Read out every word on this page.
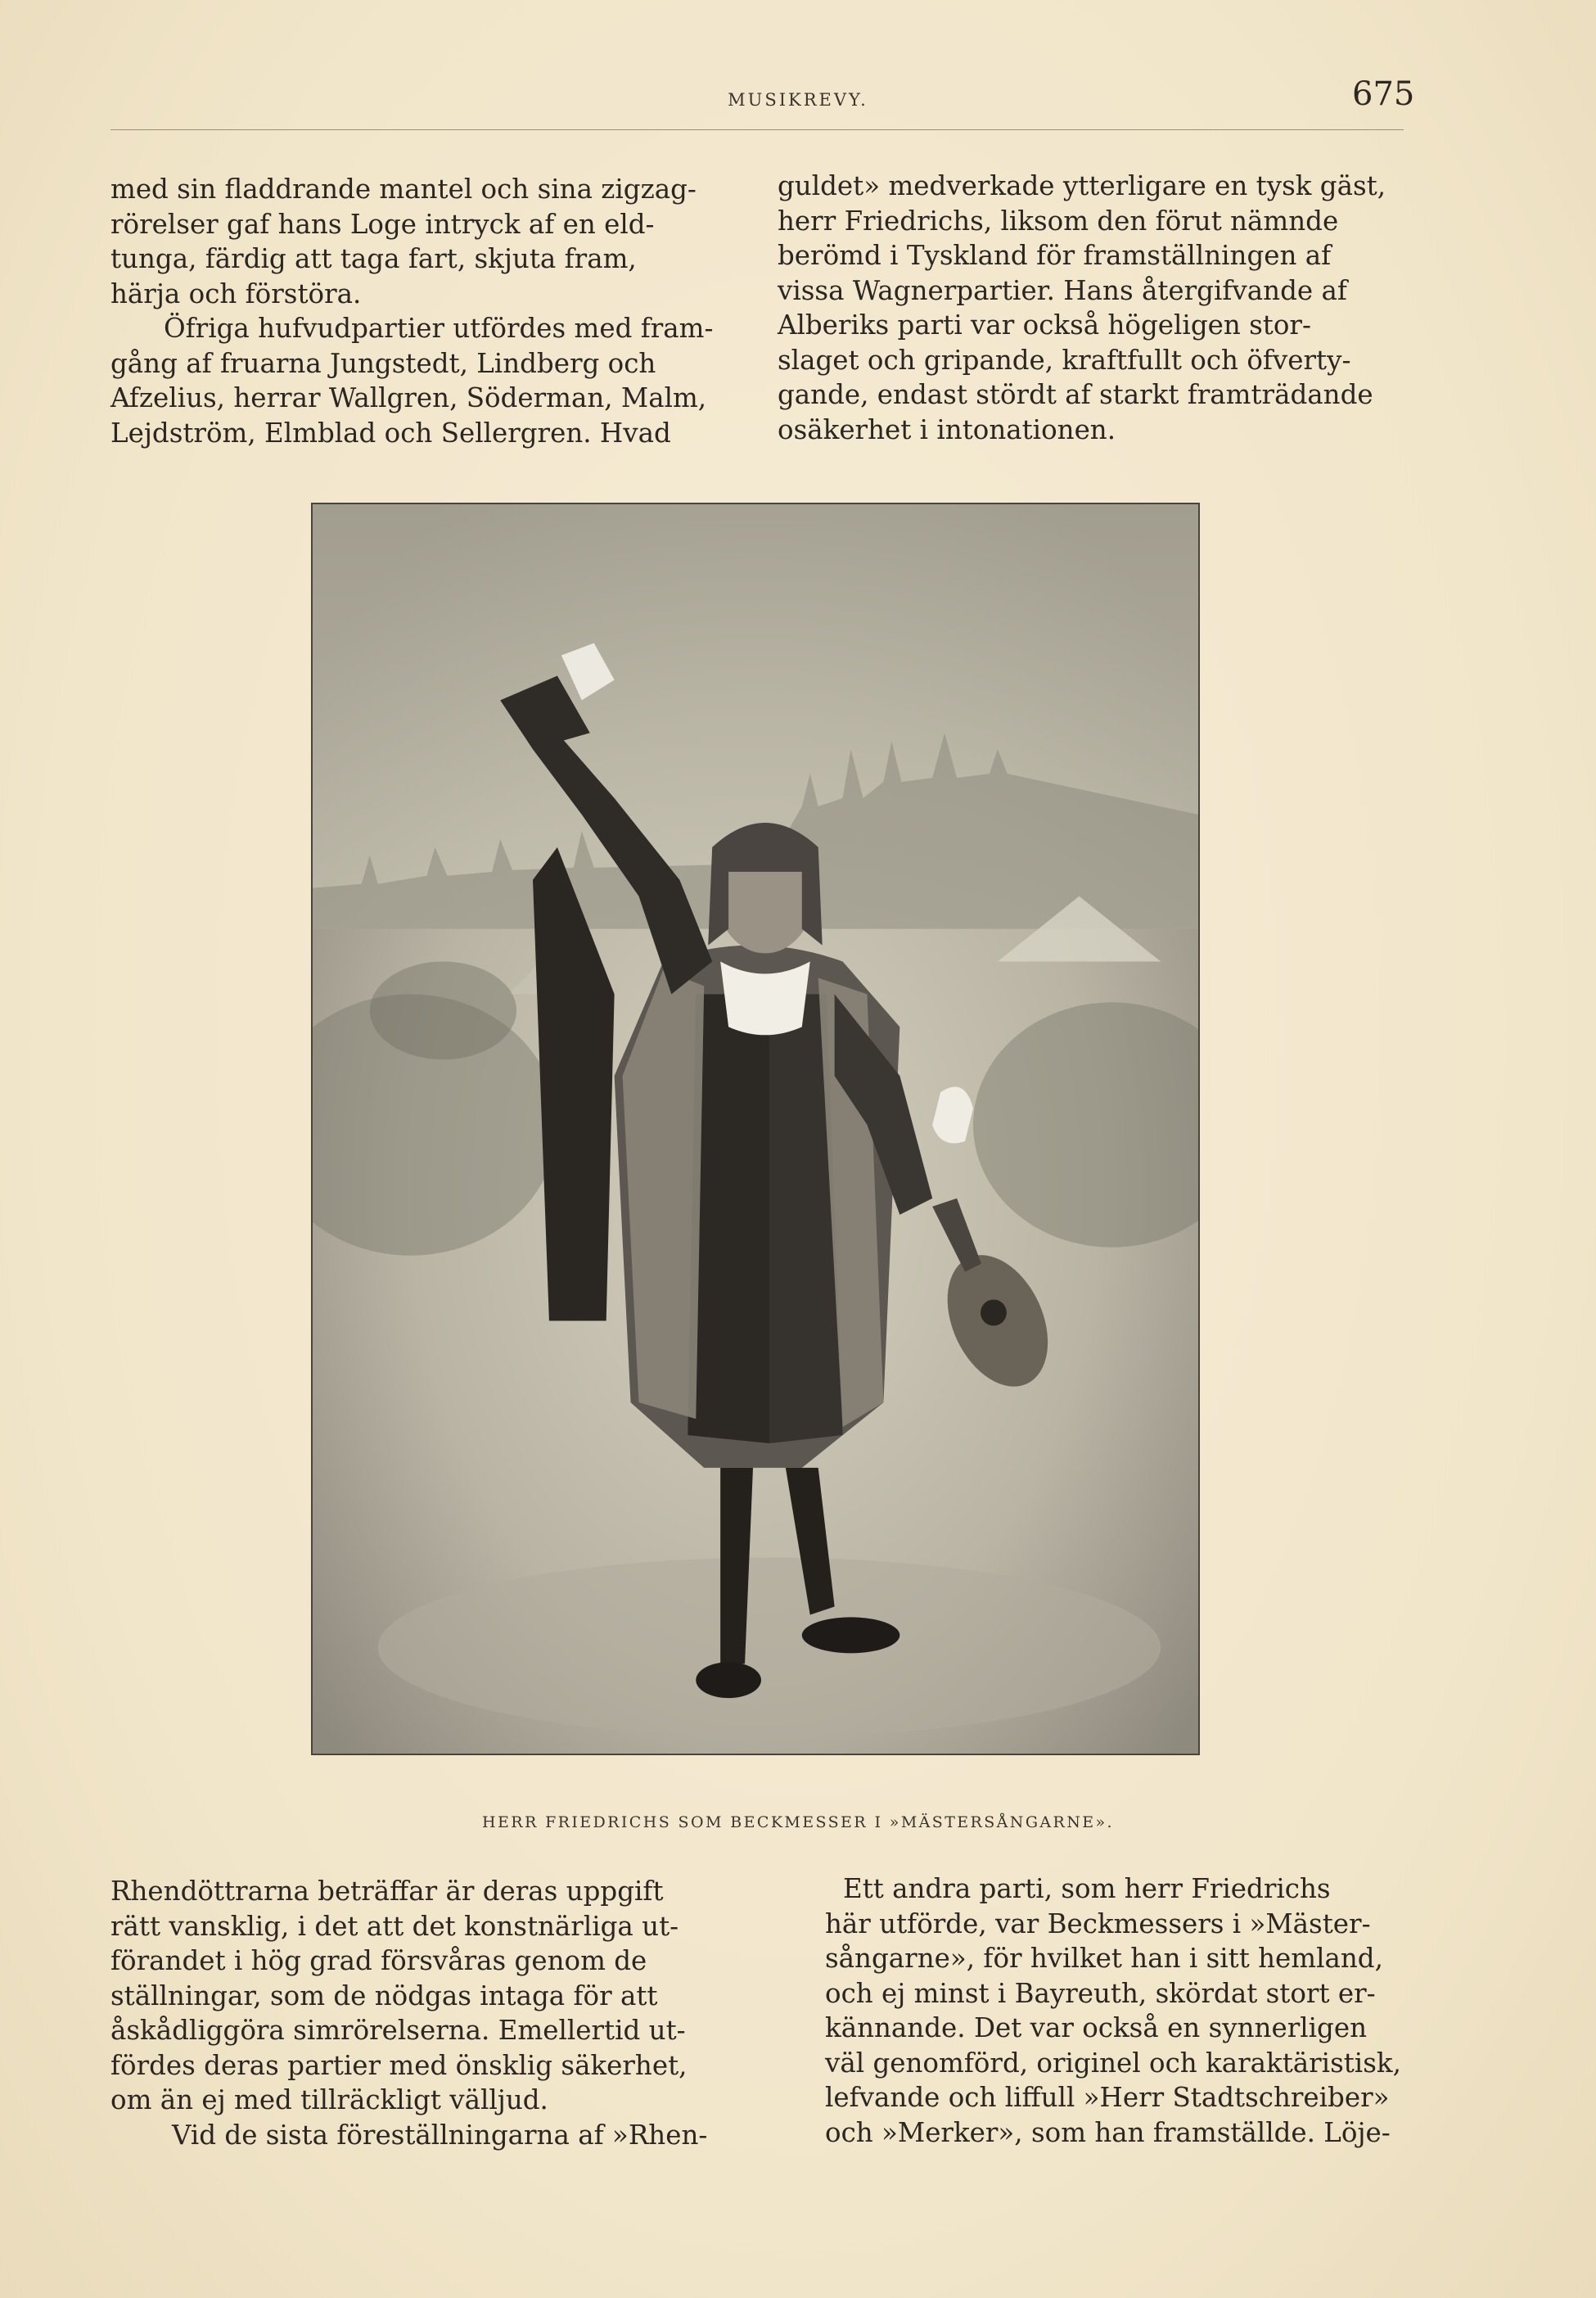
MUSIKREVY.	675
med sin fladdrande mantel och sina zigzag-
rörelser gaf hans Loge intryck af en eld-
tunga, färdig att taga fart, skjuta fram,
härja och förstöra.
Öfriga hufvudpartier utfördes med fram-
gång af fruarna Jungstedt, Lindberg och
Afzelius, herrar Wallgren, Söderman, Malm,
Lejdström, Elmblad och Sellergren. Hvad
guldet» medverkade ytterligare en tysk gäst,
herr Friedrichs, liksom den förut nämnde
berömd i Tyskland för framställningen af
vissa Wagnerpartier. Hans återgifvande af
Alberiks parti var också högeligen stor-
slaget och gripande, kraftfullt och öfverty-
gande, endast stördt af starkt framträdande
osäkerhet i intonationen.
HERR FRIEDRICHS SOM BECKMESSER I »MÄSTERSÅNGARNE».
Rhendöttrarna beträffar är deras uppgift
rätt vansklig, i det att det konstnärliga ut-
förandet i hög grad försvåras genom de
ställningar, som de nödgas intaga för att
åskådliggöra simrörelserna. Emellertid ut-
fördes deras partier med önsklig säkerhet,
om än ej med tillräckligt välljud.
Vid de sista föreställningarna af »Rhen-
Ett andra parti, som herr Friedrichs
här utförde, var Beckmessers i »Mäster-
sångarne», för hvilket han i sitt hemland,
och ej minst i Bayreuth, skördat stort er-
kännande. Det var också en synnerligen
väl genomförd, originel och karaktäristisk,
lefvande och liffull »Herr Stadtschreiber»
och »Merker», som han framställde. Löje-
